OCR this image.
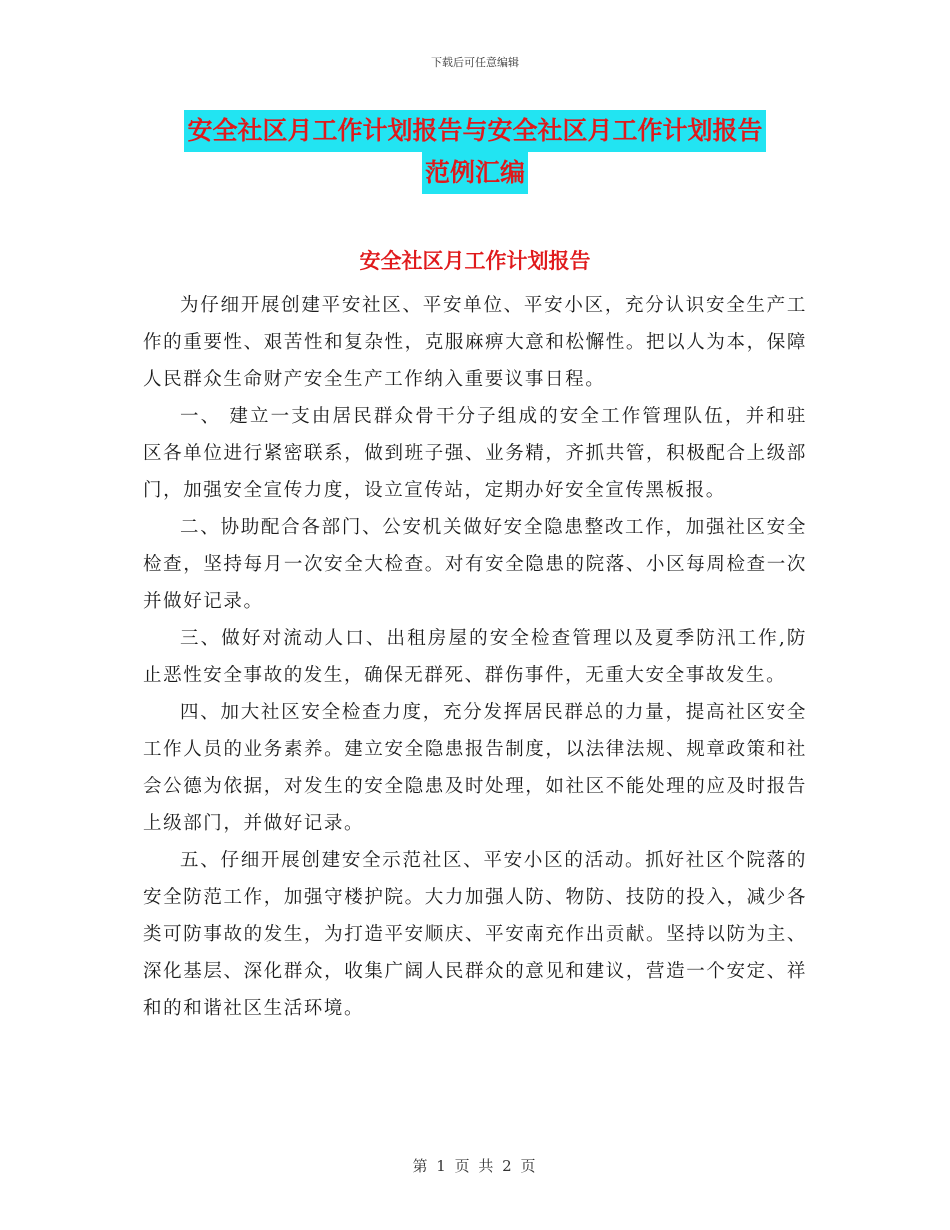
下载后可任意编辑
安全社区月工作计划报告与安全社区月工作计划报告
范例汇编
安全社区月工作计划报告

为仔细开展创建平安社区、平安单位、平安小区，充分认识安全生产工作的重要性、艰苦性和复杂性，克服麻痹大意和松懈性。把以人为本，保障人民群众生命财产安全生产工作纳入重要议事日程。

一、 建立一支由居民群众骨干分子组成的安全工作管理队伍，并和驻区各单位进行紧密联系，做到班子强、业务精，齐抓共管，积极配合上级部门，加强安全宣传力度，设立宣传站，定期办好安全宣传黑板报。

二、协助配合各部门、公安机关做好安全隐患整改工作，加强社区安全检查，坚持每月一次安全大检查。对有安全隐患的院落、小区每周检查一次并做好记录。

三、做好对流动人口、出租房屋的安全检查管理以及夏季防汛工作,防止恶性安全事故的发生，确保无群死、群伤事件，无重大安全事故发生。

四、加大社区安全检查力度，充分发挥居民群总的力量，提高社区安全工作人员的业务素养。建立安全隐患报告制度，以法律法规、规章政策和社会公德为依据，对发生的安全隐患及时处理，如社区不能处理的应及时报告上级部门，并做好记录。

五、仔细开展创建安全示范社区、平安小区的活动。抓好社区个院落的安全防范工作，加强守楼护院。大力加强人防、物防、技防的投入，减少各类可防事故的发生，为打造平安顺庆、平安南充作出贡献。坚持以防为主、深化基层、深化群众，收集广阔人民群众的意见和建议，营造一个安定、祥和的和谐社区生活环境。

第 1 页 共 2 页
